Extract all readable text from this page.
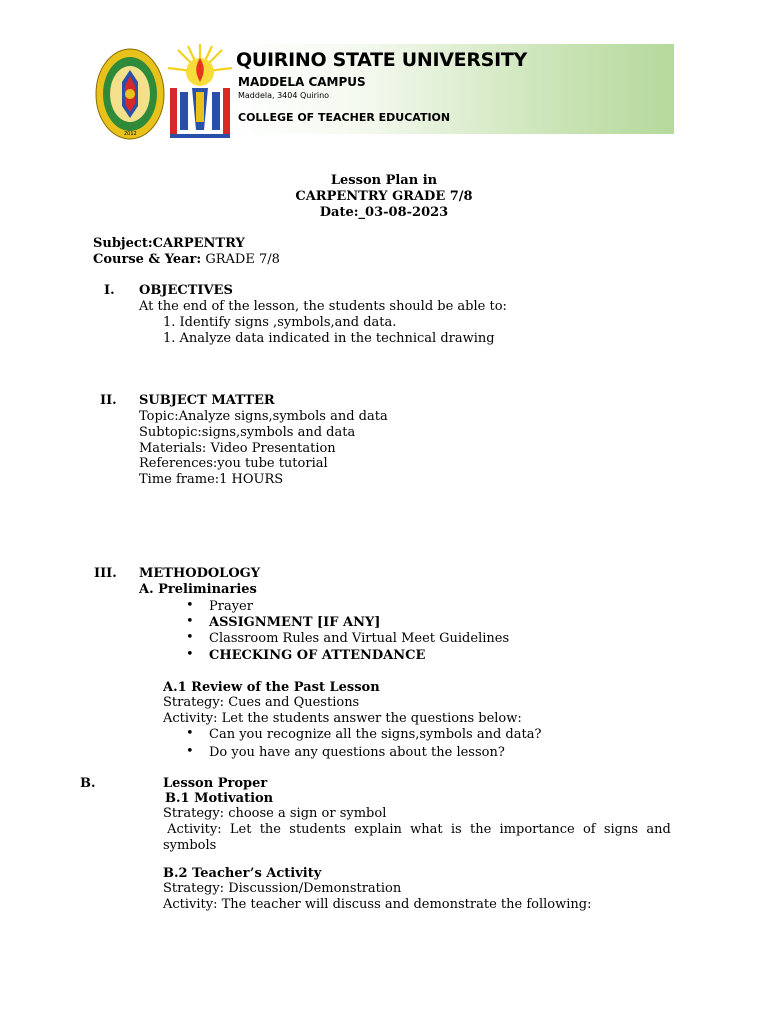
2012
QUIRINO STATE UNIVERSITY
MADDELA CAMPUS
Maddela, 3404 Quirino
COLLEGE OF TEACHER EDUCATION
Lesson Plan in
CARPENTRY GRADE 7/8
Date:_03-08-2023
Subject:CARPENTRY
Course & Year: GRADE 7/8
I. OBJECTIVES
At the end of the lesson, the students should be able to:
1. Identify signs ,symbols,and data.
1. Analyze data indicated in the technical drawing
II. SUBJECT MATTER
Topic:Analyze signs,symbols and data
Subtopic:signs,symbols and data
Materials: Video Presentation
References:you tube tutorial
Time frame:1 HOURS
III. METHODOLOGY
A. Preliminaries
• Prayer
• ASSIGNMENT [IF ANY]
• Classroom Rules and Virtual Meet Guidelines
• CHECKING OF ATTENDANCE
A.1 Review of the Past Lesson
Strategy: Cues and Questions
Activity: Let the students answer the questions below:
• Can you recognize all the signs,symbols and data?
• Do you have any questions about the lesson?
B.	Lesson Proper
B.1 Motivation
Strategy: choose a sign or symbol
Activity:  Let  the  students  explain  what  is  the  importance  of  signs  and
symbols
B.2 Teacher’s Activity
Strategy: Discussion/Demonstration
Activity: The teacher will discuss and demonstrate the following:
